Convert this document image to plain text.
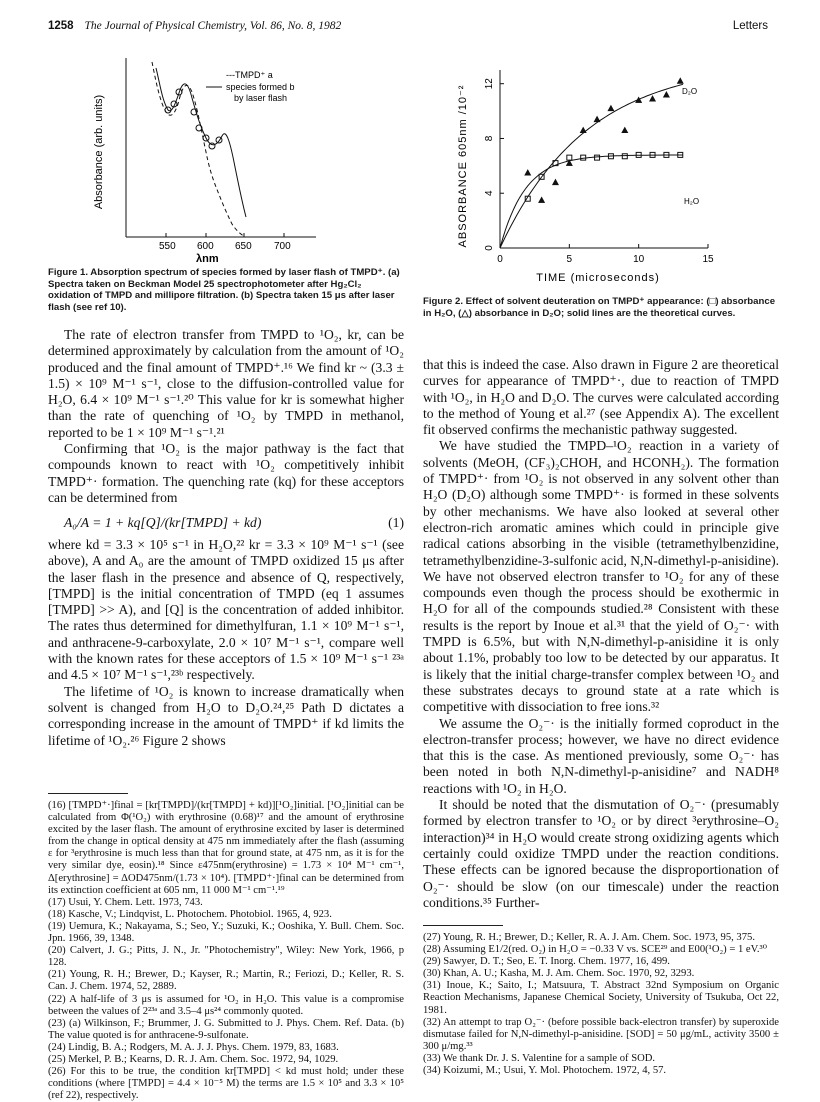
1258 The Journal of Physical Chemistry, Vol. 86, No. 8, 1982	Letters
Absorbance (arb. units)
550 600 650 700
λnm
---TMPD⁺ a
species formed b
by laser flash
Figure 1. Absorption spectrum of species formed by laser flash of TMPD⁺. (a) Spectra taken on Beckman Model 25 spectrophotometer after Hg₂Cl₂ oxidation of TMPD and millipore filtration. (b) Spectra taken 15 μs after laser flash (see ref 10).
ABSORBANCE 605nm /10⁻²
0
4
8
12
0	5	10	15
D₂O
H₂O
TIME (microseconds)
Figure 2. Effect of solvent deuteration on TMPD⁺ appearance: (□) absorbance in H₂O, (△) absorbance in D₂O; solid lines are the theoretical curves.

The rate of electron transfer from TMPD to ¹O₂, kr, can be determined approximately by calculation from the amount of ¹O₂ produced and the final amount of TMPD⁺.¹⁶ We find kr ~ (3.3 ± 1.5) × 10⁹ M⁻¹ s⁻¹, close to the diffusion-controlled value for H₂O, 6.4 × 10⁹ M⁻¹ s⁻¹.²⁰ This value for kr is somewhat higher than the rate of quenching of ¹O₂ by TMPD in methanol, reported to be 1 × 10⁹ M⁻¹ s⁻¹.²¹

Confirming that ¹O₂ is the major pathway is the fact that compounds known to react with ¹O₂ competitively inhibit TMPD⁺· formation. The quenching rate (kq) for these acceptors can be determined from

A₀/A = 1 + kq[Q]/(kr[TMPD] + kd)	(1)

where kd = 3.3 × 10⁵ s⁻¹ in H₂O,²² kr = 3.3 × 10⁹ M⁻¹ s⁻¹ (see above), A and A₀ are the amount of TMPD oxidized 15 μs after the laser flash in the presence and absence of Q, respectively, [TMPD] is the initial concentration of TMPD (eq 1 assumes [TMPD] >> A), and [Q] is the concentration of added inhibitor. The rates thus determined for dimethylfuran, 1.1 × 10⁹ M⁻¹ s⁻¹, and anthracene-9-carboxylate, 2.0 × 10⁷ M⁻¹ s⁻¹, compare well with the known rates for these acceptors of 1.5 × 10⁹ M⁻¹ s⁻¹ ²³ᵃ and 4.5 × 10⁷ M⁻¹ s⁻¹,²³ᵇ respectively.

The lifetime of ¹O₂ is known to increase dramatically when solvent is changed from H₂O to D₂O.²⁴,²⁵ Path D dictates a corresponding increase in the amount of TMPD⁺ if kd limits the lifetime of ¹O₂.²⁶ Figure 2 shows

(16) [TMPD⁺·]final = [kr[TMPD]/(kr[TMPD] + kd)][¹O₂]initial. [¹O₂]initial can be calculated from Φ(¹O₂) with erythrosine (0.68)¹⁷ and the amount of erythrosine excited by the laser flash. The amount of erythrosine excited by laser is determined from the change in optical density at 475 nm immediately after the flash (assuming ε for ³erythrosine is much less than that for ground state, at 475 nm, as it is for the very similar dye, eosin).¹⁸ Since ε475nm(erythrosine) = 1.73 × 10⁴ M⁻¹ cm⁻¹, Δ[erythrosine] = ΔOD475nm/(1.73 × 10⁴). [TMPD⁺·]final can be determined from its extinction coefficient at 605 nm, 11 000 M⁻¹ cm⁻¹.¹⁹
(17) Usui, Y. Chem. Lett. 1973, 743.
(18) Kasche, V.; Lindqvist, L. Photochem. Photobiol. 1965, 4, 923.
(19) Uemura, K.; Nakayama, S.; Seo, Y.; Suzuki, K.; Ooshika, Y. Bull. Chem. Soc. Jpn. 1966, 39, 1348.
(20) Calvert, J. G.; Pitts, J. N., Jr. "Photochemistry", Wiley: New York, 1966, p 128.
(21) Young, R. H.; Brewer, D.; Kayser, R.; Martin, R.; Feriozi, D.; Keller, R. S. Can. J. Chem. 1974, 52, 2889.
(22) A half-life of 3 μs is assumed for ¹O₂ in H₂O. This value is a compromise between the values of 2²³ᵃ and 3.5–4 μs²⁴ commonly quoted.
(23) (a) Wilkinson, F.; Brummer, J. G. Submitted to J. Phys. Chem. Ref. Data. (b) The value quoted is for anthracene-9-sulfonate.
(24) Lindig, B. A.; Rodgers, M. A. J. J. Phys. Chem. 1979, 83, 1683.
(25) Merkel, P. B.; Kearns, D. R. J. Am. Chem. Soc. 1972, 94, 1029.
(26) For this to be true, the condition kr[TMPD] < kd must hold; under these conditions (where [TMPD] = 4.4 × 10⁻⁵ M) the terms are 1.5 × 10⁵ and 3.3 × 10⁵ (ref 22), respectively.

that this is indeed the case. Also drawn in Figure 2 are theoretical curves for appearance of TMPD⁺·, due to reaction of TMPD with ¹O₂, in H₂O and D₂O. The curves were calculated according to the method of Young et al.²⁷ (see Appendix A). The excellent fit observed confirms the mechanistic pathway suggested.

We have studied the TMPD–¹O₂ reaction in a variety of solvents (MeOH, (CF₃)₂CHOH, and HCONH₂). The formation of TMPD⁺· from ¹O₂ is not observed in any solvent other than H₂O (D₂O) although some TMPD⁺· is formed in these solvents by other mechanisms. We have also looked at several other electron-rich aromatic amines which could in principle give radical cations absorbing in the visible (tetramethylbenzidine, tetramethylbenzidine-3-sulfonic acid, N,N-dimethyl-p-anisidine). We have not observed electron transfer to ¹O₂ for any of these compounds even though the process should be exothermic in H₂O for all of the compounds studied.²⁸ Consistent with these results is the report by Inoue et al.³¹ that the yield of O₂⁻· with TMPD is 6.5%, but with N,N-dimethyl-p-anisidine it is only about 1.1%, probably too low to be detected by our apparatus. It is likely that the initial charge-transfer complex between ¹O₂ and these substrates decays to ground state at a rate which is competitive with dissociation to free ions.³²

We assume the O₂⁻· is the initially formed coproduct in the electron-transfer process; however, we have no direct evidence that this is the case. As mentioned previously, some O₂⁻· has been noted in both N,N-dimethyl-p-anisidine⁷ and NADH⁸ reactions with ¹O₂ in H₂O.

It should be noted that the dismutation of O₂⁻· (presumably formed by electron transfer to ¹O₂ or by direct ³erythrosine–O₂ interaction)³⁴ in H₂O would create strong oxidizing agents which certainly could oxidize TMPD under the reaction conditions. These effects can be ignored because the disproportionation of O₂⁻· should be slow (on our timescale) under the reaction conditions.³⁵ Further-

(27) Young, R. H.; Brewer, D.; Keller, R. A. J. Am. Chem. Soc. 1973, 95, 375.
(28) Assuming E1/2(red. O₂) in H₂O = −0.33 V vs. SCE²⁹ and E00(¹O₂) = 1 eV.³⁰
(29) Sawyer, D. T.; Seo, E. T. Inorg. Chem. 1977, 16, 499.
(30) Khan, A. U.; Kasha, M. J. Am. Chem. Soc. 1970, 92, 3293.
(31) Inoue, K.; Saito, I.; Matsuura, T. Abstract 32nd Symposium on Organic Reaction Mechanisms, Japanese Chemical Society, University of Tsukuba, Oct 22, 1981.
(32) An attempt to trap O₂⁻· (before possible back-electron transfer) by superoxide dismutase failed for N,N-dimethyl-p-anisidine. [SOD] = 50 μg/mL, activity 3500 ± 300 μ/mg.³³
(33) We thank Dr. J. S. Valentine for a sample of SOD.
(34) Koizumi, M.; Usui, Y. Mol. Photochem. 1972, 4, 57.
